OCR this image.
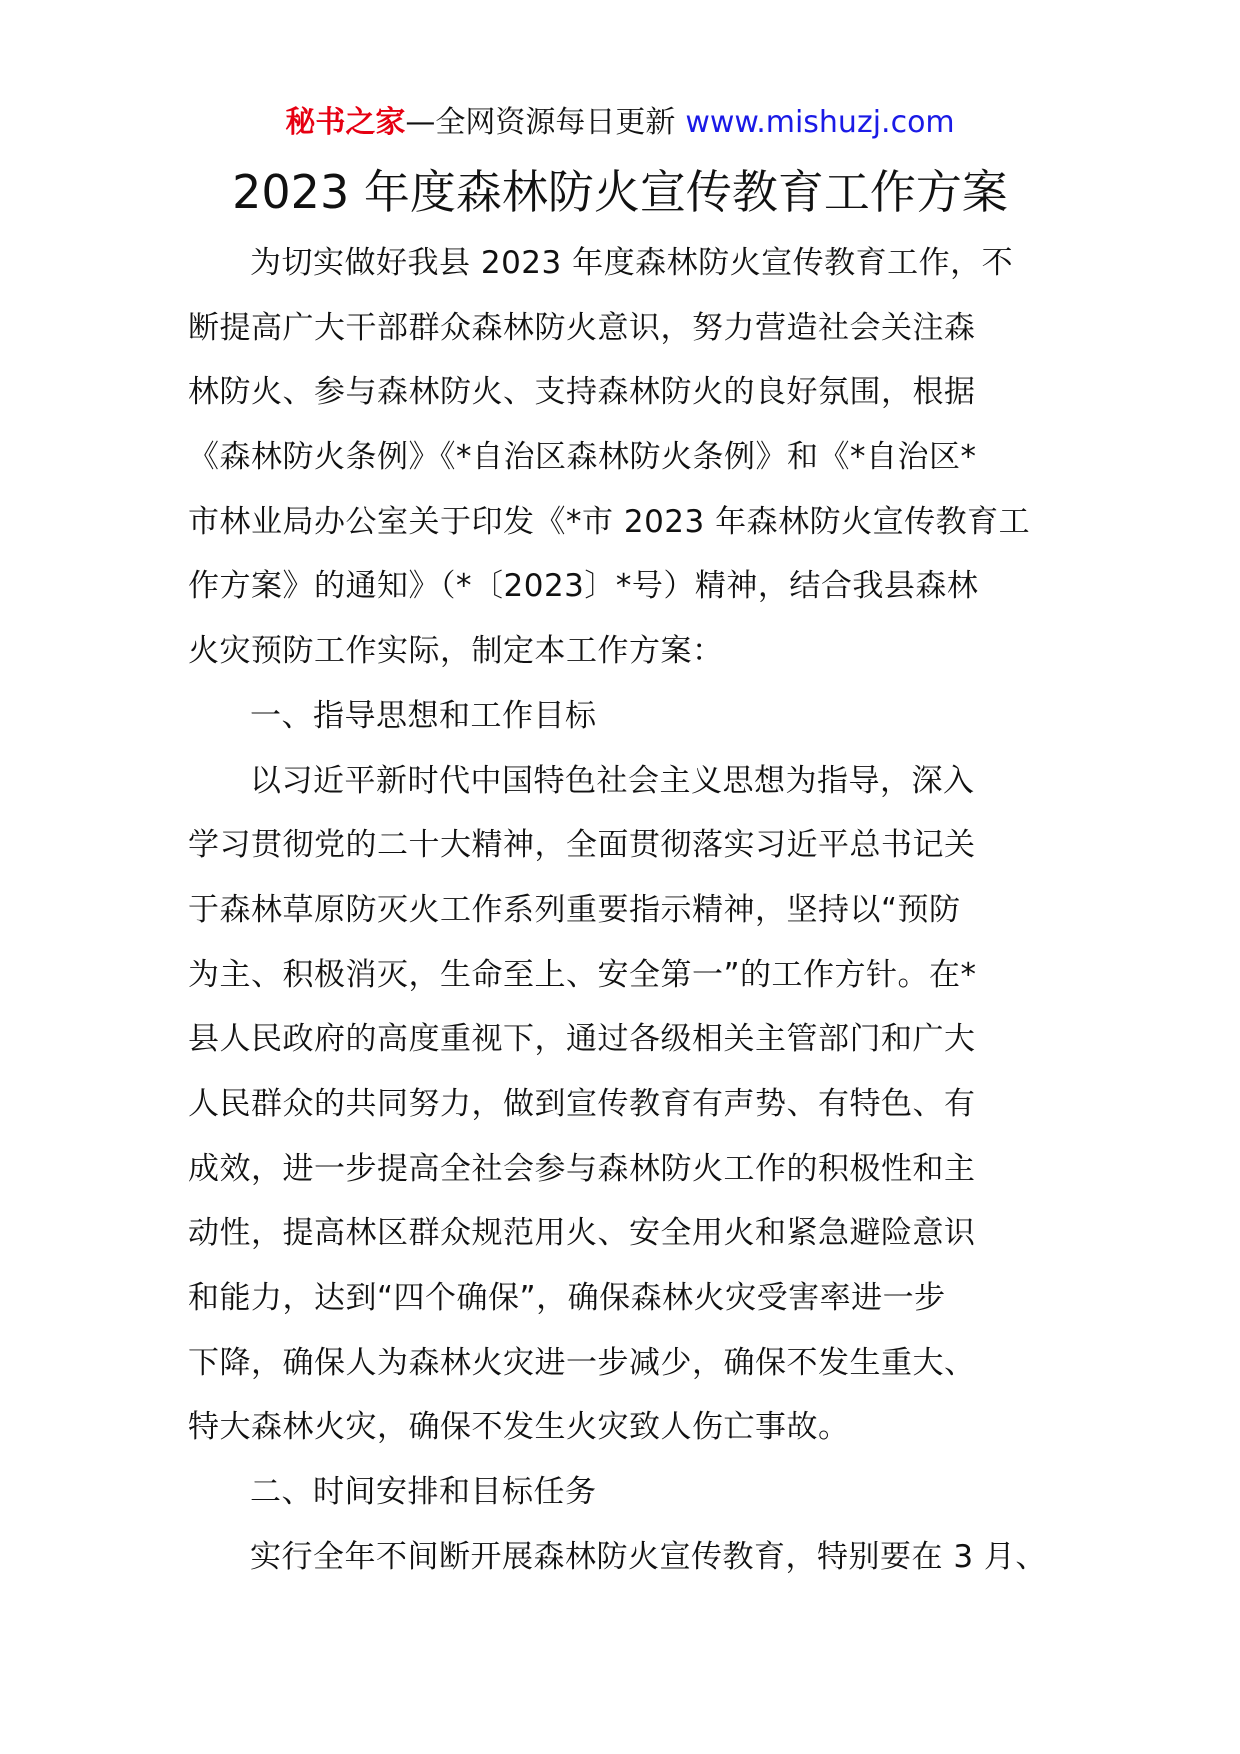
秘书之家—全网资源每日更新 www.mishuzj.com
2023 年度森林防火宣传教育工作方案
为切实做好我县 2023 年度森林防火宣传教育工作，不
断提高广大干部群众森林防火意识，努力营造社会关注森
林防火、参与森林防火、支持森林防火的良好氛围，根据
《森林防火条例》《*自治区森林防火条例》和《*自治区*
市林业局办公室关于印发《*市 2023 年森林防火宣传教育工
作方案》的通知》（*〔2023〕*号）精神，结合我县森林
火灾预防工作实际，制定本工作方案：
一、指导思想和工作目标
以习近平新时代中国特色社会主义思想为指导，深入
学习贯彻党的二十大精神，全面贯彻落实习近平总书记关
于森林草原防灭火工作系列重要指示精神，坚持以“预防
为主、积极消灭，生命至上、安全第一”的工作方针。在*
县人民政府的高度重视下，通过各级相关主管部门和广大
人民群众的共同努力，做到宣传教育有声势、有特色、有
成效，进一步提高全社会参与森林防火工作的积极性和主
动性，提高林区群众规范用火、安全用火和紧急避险意识
和能力，达到“四个确保”，确保森林火灾受害率进一步
下降，确保人为森林火灾进一步减少，确保不发生重大、
特大森林火灾，确保不发生火灾致人伤亡事故。
二、时间安排和目标任务
实行全年不间断开展森林防火宣传教育，特别要在 3 月、
